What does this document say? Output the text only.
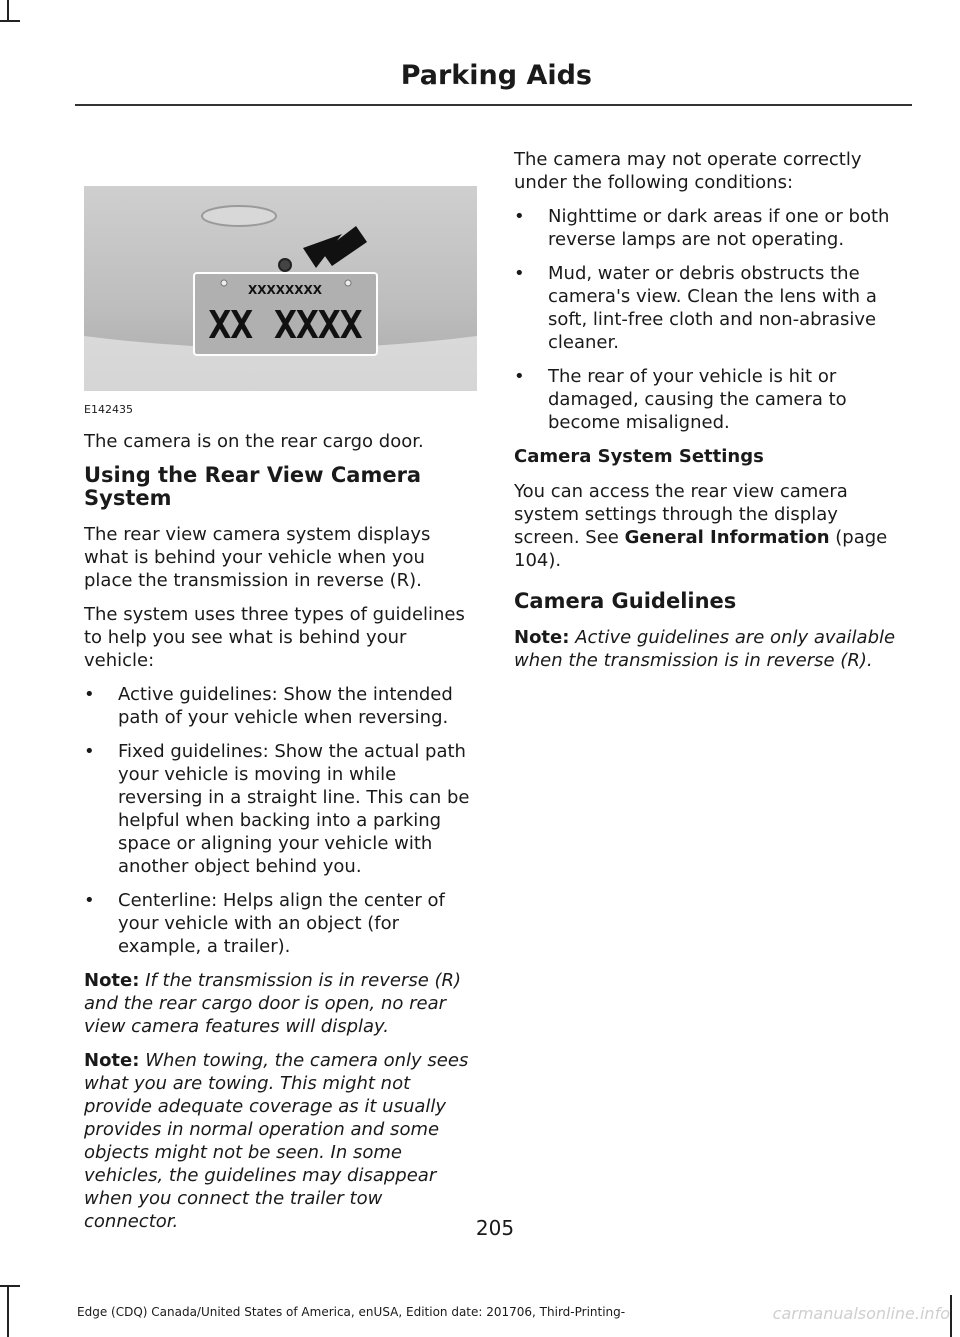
Parking Aids
XXXXXXXX
XX XXXX
E142435

The camera is on the rear cargo door.

Using the Rear View Camera System

The rear view camera system displays what is behind your vehicle when you place the transmission in reverse (R).

The system uses three types of guidelines to help you see what is behind your vehicle:

• Active guidelines: Show the intended path of your vehicle when reversing.
• Fixed guidelines: Show the actual path your vehicle is moving in while reversing in a straight line. This can be helpful when backing into a parking space or aligning your vehicle with another object behind you.
• Centerline: Helps align the center of your vehicle with an object (for example, a trailer).

Note: If the transmission is in reverse (R) and the rear cargo door is open, no rear view camera features will display.

Note: When towing, the camera only sees what you are towing. This might not provide adequate coverage as it usually provides in normal operation and some objects might not be seen. In some vehicles, the guidelines may disappear when you connect the trailer tow connector.

The camera may not operate correctly under the following conditions:

• Nighttime or dark areas if one or both reverse lamps are not operating.
• Mud, water or debris obstructs the camera's view. Clean the lens with a soft, lint-free cloth and non-abrasive cleaner.
• The rear of your vehicle is hit or damaged, causing the camera to become misaligned.
Camera System Settings

You can access the rear view camera system settings through the display screen. See General Information (page 104).

Camera Guidelines

Note: Active guidelines are only available when the transmission is in reverse (R).

205
Edge (CDQ) Canada/United States of America, enUSA, Edition date: 201706, Third-Printing-	carmanualsonline.info
